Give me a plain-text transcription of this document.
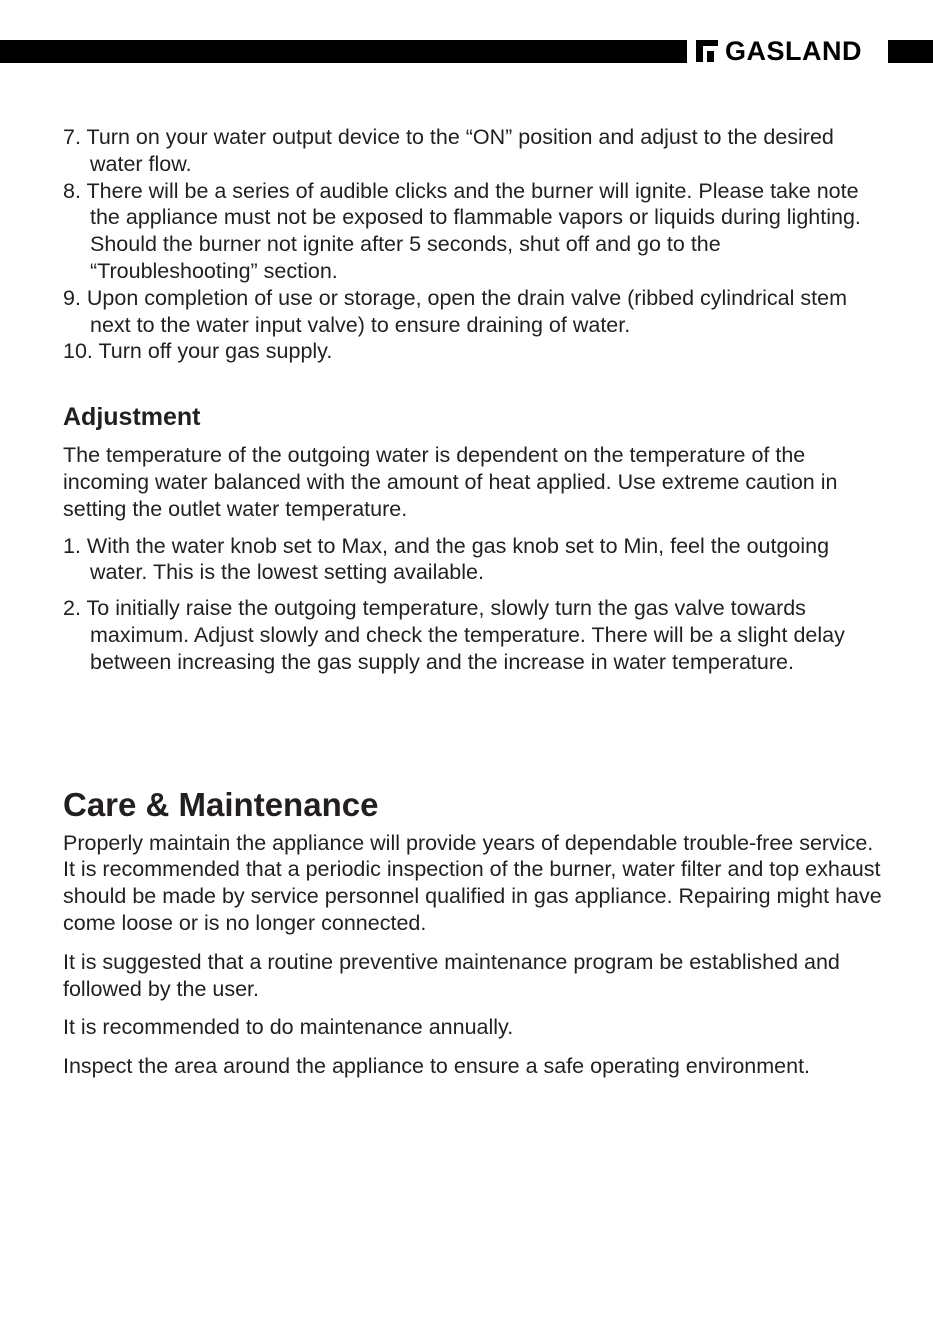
GASLAND

7. Turn on your water output device to the “ON” position and adjust to the desired water flow.

8. There will be a series of audible clicks and the burner will ignite. Please take note the appliance must not be exposed to flammable vapors or liquids during lighting. Should the burner not ignite after 5 seconds, shut off and go to the “Troubleshooting” section.

9. Upon completion of use or storage, open the drain valve (ribbed cylindrical stem next to the water input valve) to ensure draining of water.

10. Turn off your gas supply.

Adjustment

The temperature of the outgoing water is dependent on the temperature of the incoming water balanced with the amount of heat applied. Use extreme caution in setting the outlet water temperature.

1. With the water knob set to Max, and the gas knob set to Min, feel the outgoing water. This is the lowest setting available.

2. To initially raise the outgoing temperature, slowly turn the gas valve towards maximum. Adjust slowly and check the temperature. There will be a slight delay between increasing the gas supply and the increase in water temperature.

Care & Maintenance

Properly maintain the appliance will provide years of dependable trouble-free service. It is recommended that a periodic inspection of the burner, water filter and top exhaust should be made by service personnel qualified in gas appliance. Repairing might have come loose or is no longer connected.

It is suggested that a routine preventive maintenance program be established and followed by the user.

It is recommended to do maintenance annually.

Inspect the area around the appliance to ensure a safe operating environment.
